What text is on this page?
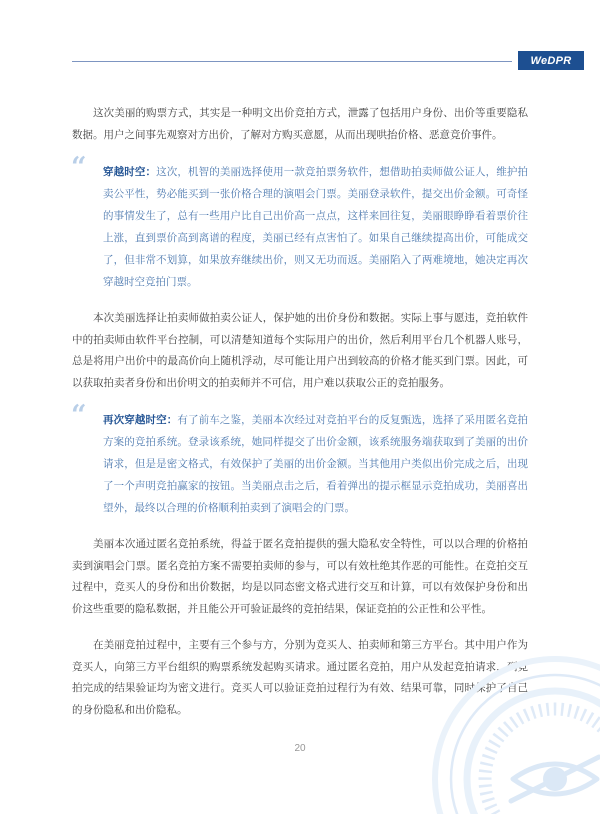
WeDPR

这次美丽的购票方式，其实是一种明文出价竞拍方式，泄露了包括用户身份、出价等重要隐私数据。用户之间事先观察对方出价，了解对方购买意愿，从而出现哄抬价格、恶意竞价事件。

“ 穿越时空：这次，机智的美丽选择使用一款竞拍票务软件，想借助拍卖师做公证人，维护拍卖公平性，势必能买到一张价格合理的演唱会门票。美丽登录软件，提交出价金额。可奇怪的事情发生了，总有一些用户比自己出价高一点点，这样来回往复，美丽眼睁睁看着票价往上涨，直到票价高到离谱的程度，美丽已经有点害怕了。如果自己继续提高出价，可能成交了，但非常不划算，如果放弃继续出价，则又无功而返。美丽陷入了两难境地，她决定再次穿越时空竞拍门票。

本次美丽选择让拍卖师做拍卖公证人，保护她的出价身份和数据。实际上事与愿违，竞拍软件中的拍卖师由软件平台控制，可以清楚知道每个实际用户的出价，然后利用平台几个机器人账号，总是将用户出价中的最高价向上随机浮动，尽可能让用户出到较高的价格才能买到门票。因此，可以获取拍卖者身份和出价明文的拍卖师并不可信，用户难以获取公正的竞拍服务。

“ 再次穿越时空：有了前车之鉴，美丽本次经过对竞拍平台的反复甄选，选择了采用匿名竞拍方案的竞拍系统。登录该系统，她同样提交了出价金额，该系统服务端获取到了美丽的出价请求，但是是密文格式，有效保护了美丽的出价金额。当其他用户类似出价完成之后，出现了一个声明竞拍赢家的按钮。当美丽点击之后，看着弹出的提示框显示竞拍成功，美丽喜出望外，最终以合理的价格顺利拍卖到了演唱会的门票。

美丽本次通过匿名竞拍系统，得益于匿名竞拍提供的强大隐私安全特性，可以以合理的价格拍卖到演唱会门票。匿名竞拍方案不需要拍卖师的参与，可以有效杜绝其作恶的可能性。在竞拍交互过程中，竞买人的身份和出价数据，均是以同态密文格式进行交互和计算，可以有效保护身份和出价这些重要的隐私数据，并且能公开可验证最终的竞拍结果，保证竞拍的公正性和公平性。

在美丽竞拍过程中，主要有三个参与方，分别为竞买人、拍卖师和第三方平台。其中用户作为竞买人，向第三方平台组织的购票系统发起购买请求。通过匿名竞拍，用户从发起竞拍请求，到竞拍完成的结果验证均为密文进行。竞买人可以验证竞拍过程行为有效、结果可靠，同时保护了自己的身份隐私和出价隐私。

20
